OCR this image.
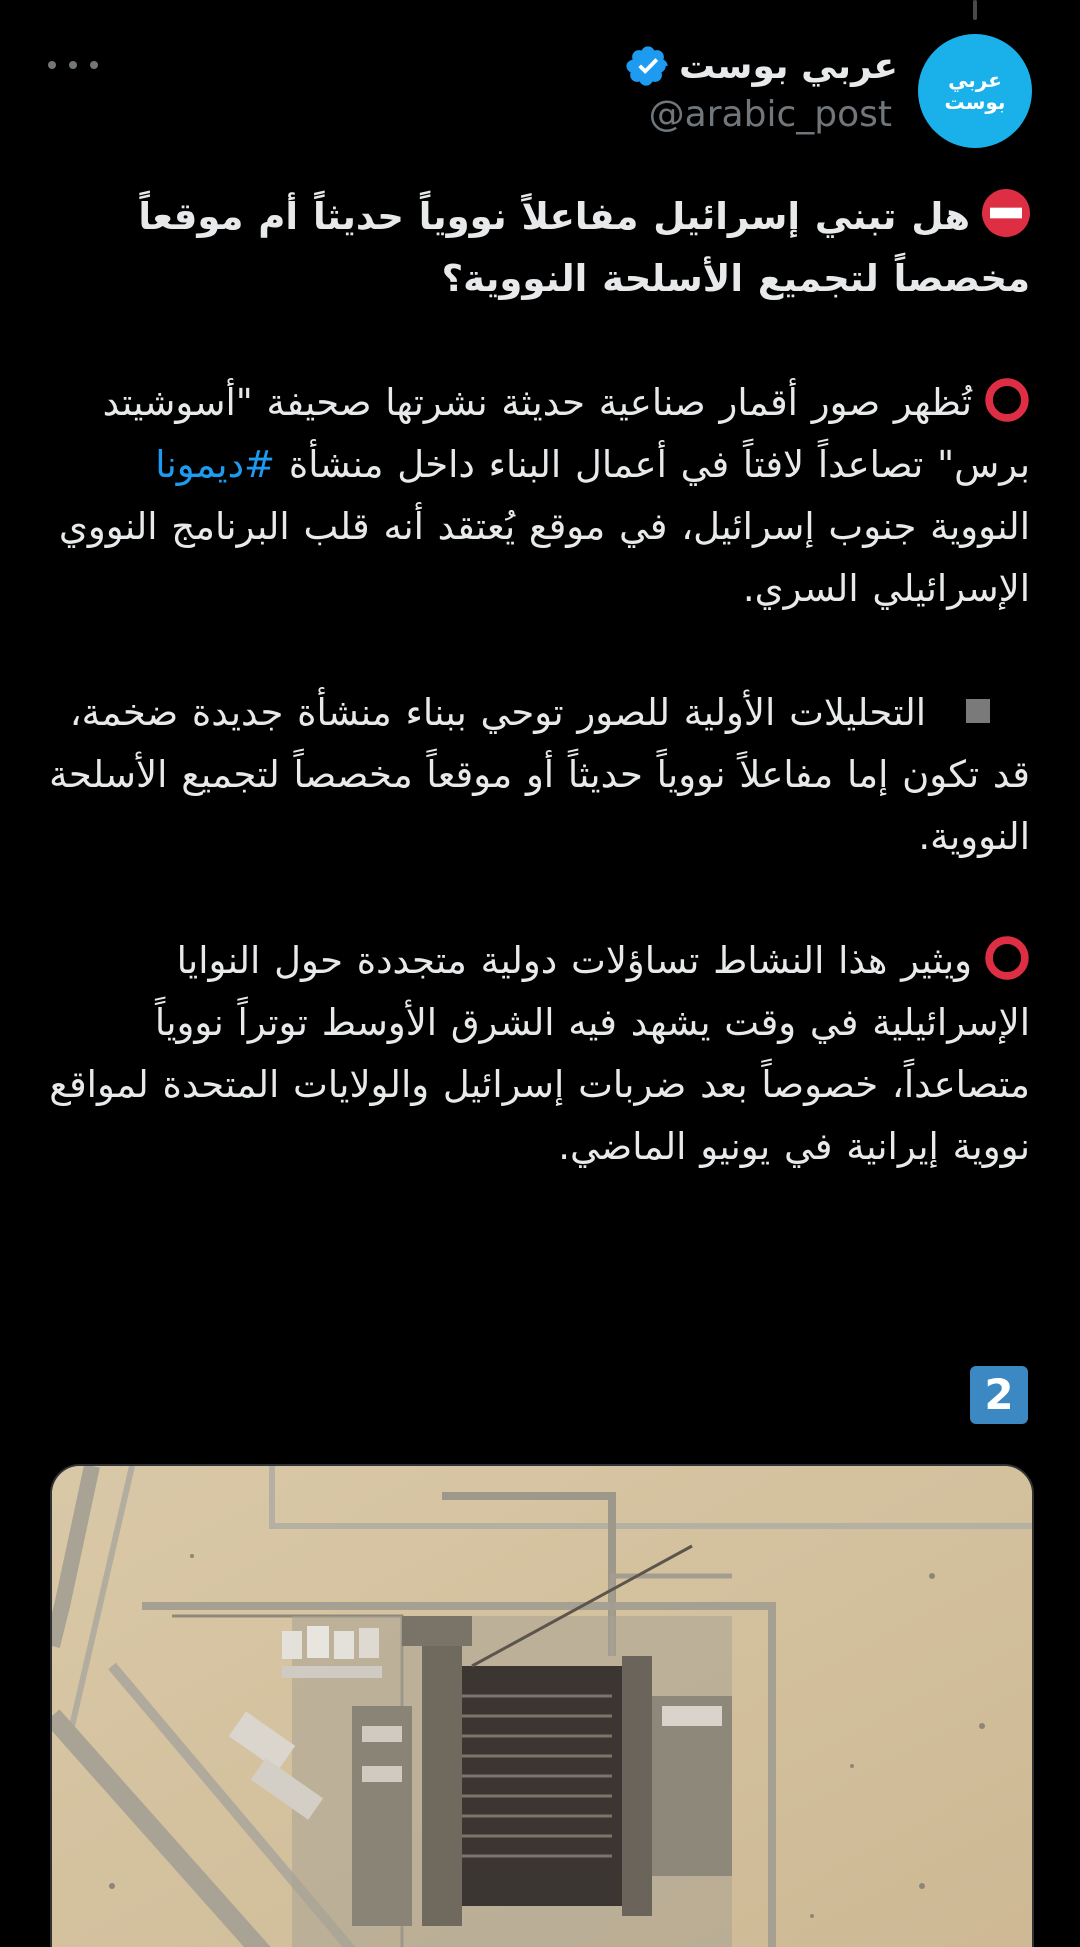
عربي بوست
@arabic_post
عربي
بوست

هل تبني إسرائيل مفاعلاً نووياً حديثاً أم موقعاً مخصصاً لتجميع الأسلحة النووية؟

تُظهر صور أقمار صناعية حديثة نشرتها صحيفة "أسوشيتد برس" تصاعداً لافتاً في أعمال البناء داخل منشأة #ديمونا النووية جنوب إسرائيل، في موقع يُعتقد أنه قلب البرنامج النووي الإسرائيلي السري.

التحليلات الأولية للصور توحي ببناء منشأة جديدة ضخمة، قد تكون إما مفاعلاً نووياً حديثاً أو موقعاً مخصصاً لتجميع الأسلحة النووية.

ويثير هذا النشاط تساؤلات دولية متجددة حول النوايا الإسرائيلية في وقت يشهد فيه الشرق الأوسط توتراً نووياً متصاعداً، خصوصاً بعد ضربات إسرائيل والولايات المتحدة لمواقع نووية إيرانية في يونيو الماضي.

2
